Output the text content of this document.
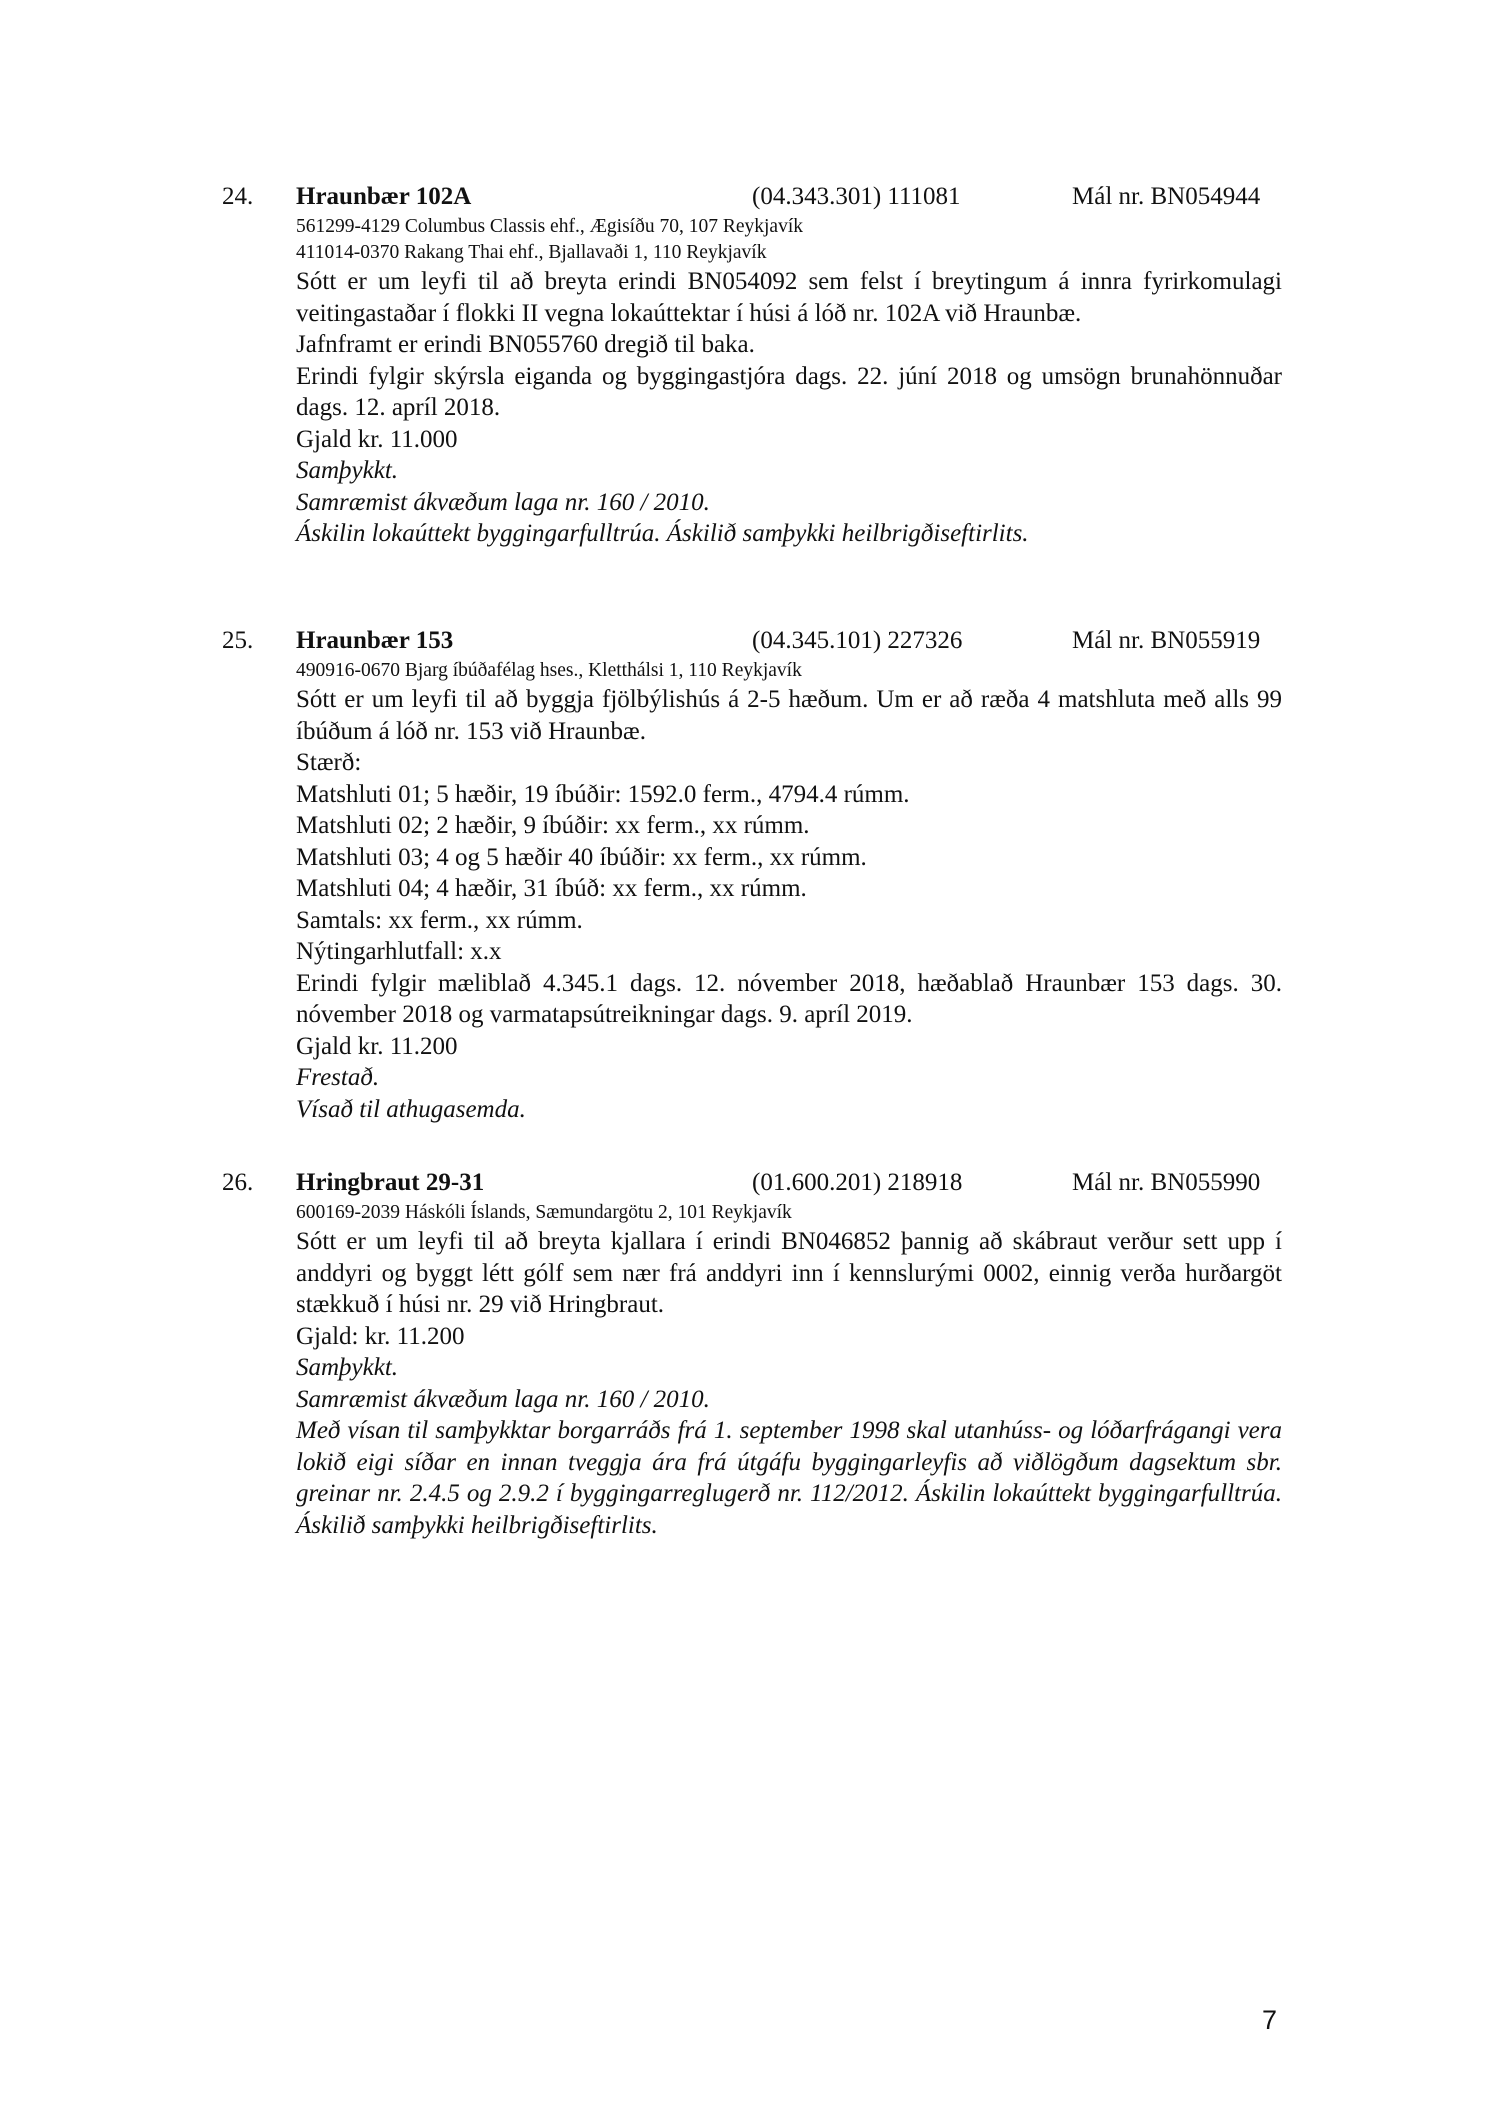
24. Hraunbær 102A	(04.343.301) 111081	Mál nr. BN054944
561299-4129 Columbus Classis ehf., Ægisíðu 70, 107 Reykjavík
411014-0370 Rakang Thai ehf., Bjallavaði 1, 110 Reykjavík
Sótt er um leyfi til að breyta erindi BN054092 sem felst í breytingum á innra fyrirkomulagi veitingastaðar í flokki II vegna lokaúttektar í húsi á lóð nr. 102A við Hraunbæ.
Jafnframt er erindi BN055760 dregið til baka.
Erindi fylgir skýrsla eiganda og byggingastjóra dags. 22. júní 2018 og umsögn brunahönnuðar dags. 12. apríl 2018.
Gjald kr. 11.000
Samþykkt.
Samræmist ákvæðum laga nr. 160 / 2010.
Áskilin lokaúttekt byggingarfulltrúa. Áskilið samþykki heilbrigðiseftirlits.
25. Hraunbær 153	(04.345.101) 227326	Mál nr. BN055919
490916-0670 Bjarg íbúðafélag hses., Kletthálsi 1, 110 Reykjavík
Sótt er um leyfi til að byggja fjölbýlishús á 2-5 hæðum. Um er að ræða 4 matshluta með alls 99 íbúðum á lóð nr. 153 við Hraunbæ.
Stærð:
Matshluti 01; 5 hæðir, 19 íbúðir: 1592.0 ferm., 4794.4 rúmm.
Matshluti 02; 2 hæðir, 9 íbúðir: xx ferm., xx rúmm.
Matshluti 03; 4 og 5 hæðir 40 íbúðir: xx ferm., xx rúmm.
Matshluti 04; 4 hæðir, 31 íbúð: xx ferm., xx rúmm.
Samtals: xx ferm., xx rúmm.
Nýtingarhlutfall: x.x
Erindi fylgir mæliblað 4.345.1 dags. 12. nóvember 2018, hæðablað Hraunbær 153 dags. 30. nóvember 2018 og varmatapsútreikningar dags. 9. apríl 2019.
Gjald kr. 11.200
Frestað.
Vísað til athugasemda.
26. Hringbraut 29-31	(01.600.201) 218918	Mál nr. BN055990
600169-2039 Háskóli Íslands, Sæmundargötu 2, 101 Reykjavík
Sótt er um leyfi til að breyta kjallara í erindi BN046852 þannig að skábraut verður sett upp í anddyri og byggt létt gólf sem nær frá anddyri inn í kennslurými 0002, einnig verða hurðargöt stækkuð í húsi nr. 29 við Hringbraut.
Gjald: kr. 11.200
Samþykkt.
Samræmist ákvæðum laga nr. 160 / 2010.
Með vísan til samþykktar borgarráðs frá 1. september 1998 skal utanhúss- og lóðarfrágangi vera lokið eigi síðar en innan tveggja ára frá útgáfu byggingarleyfis að viðlögðum dagsektum sbr. greinar nr. 2.4.5 og 2.9.2 í byggingarreglugerð nr. 112/2012. Áskilin lokaúttekt byggingarfulltrúa. Áskilið samþykki heilbrigðiseftirlits.
7
